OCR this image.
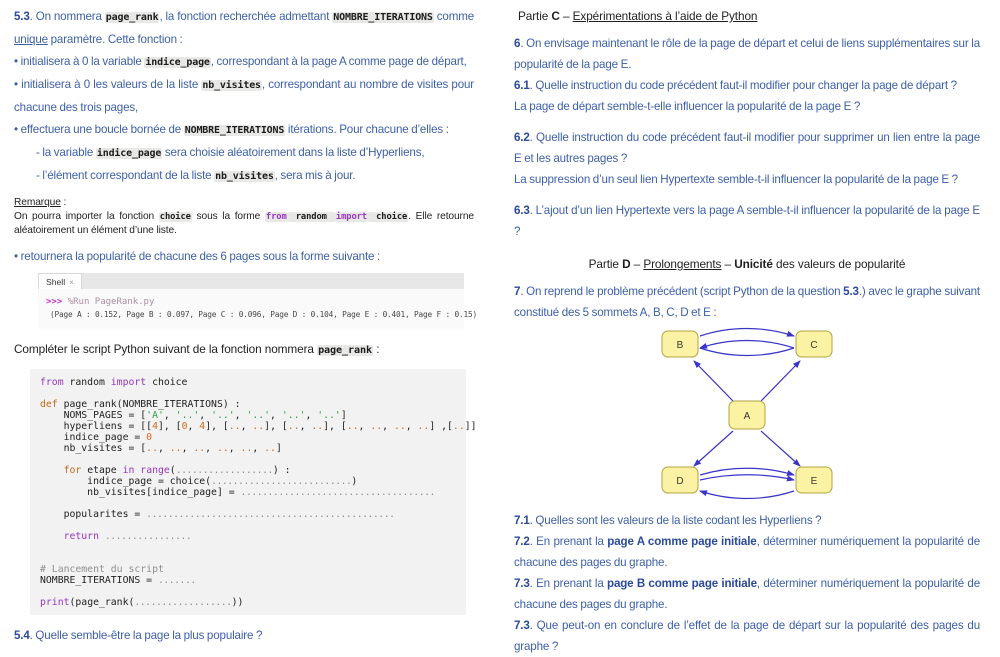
5.3. On nommera page_rank, la fonction recherchée admettant NOMBRE_ITERATIONS comme unique paramètre. Cette fonction :

• initialisera à 0 la variable indice_page, correspondant à la page A comme page de départ,

• initialisera à 0 les valeurs de la liste nb_visites, correspondant au nombre de visites pour chacune des trois pages,

• effectuera une boucle bornée de NOMBRE_ITERATIONS itérations. Pour chacune d’elles :

- la variable indice_page sera choisie aléatoirement dans la liste d’Hyperliens,

- l’élément correspondant de la liste nb_visites, sera mis à jour.

Remarque :

On pourra importer la fonction choice sous la forme from random import choice. Elle retourne aléatoirement un élément d’une liste.

• retournera la popularité de chacune des 6 pages sous la forme suivante :

Shell ×
>>> %Run PageRank.py
(Page A : 0.152, Page B : 0.097, Page C : 0.096, Page D : 0.104, Page E : 0.401, Page F : 0.15)

Compléter le script Python suivant de la fonction nommera page_rank :

from random import choice
def page_rank(NOMBRE_ITERATIONS) :
NOMS_PAGES = ['A', '..', '..', '..', '..', '..']
hyperliens = [[4], [0, 4], [.., ..], [.., ..], [.., .., .., ..] ,[..]]
indice_page = 0
nb_visites = [.., .., .., .., .., ..]
for etape in range(..................) :
indice_page = choice(..........................)
nb_visites[indice_page] = ....................................
popularites = ..............................................
return ................
# Lancement du script
NOMBRE_ITERATIONS = .......
print(page_rank(..................))

5.4. Quelle semble-être la page la plus populaire ?

Partie C – Expérimentations à l’aide de Python

6. On envisage maintenant le rôle de la page de départ et celui de liens supplémentaires sur la popularité de la page E.

6.1. Quelle instruction du code précédent faut-il modifier pour changer la page de départ ?

La page de départ semble-t-elle influencer la popularité de la page E ?

6.2. Quelle instruction du code précédent faut-il modifier pour supprimer un lien entre la page E et les autres pages ?

La suppression d’un seul lien Hypertexte semble-t-il influencer la popularité de la page E ?

6.3. L’ajout d’un lien Hypertexte vers la page A semble-t-il influencer la popularité de la page E ?

Partie D – Prolongements – Unicité des valeurs de popularité

7. On reprend le problème précédent (script Python de la question 5.3.) avec le graphe suivant constitué des 5 sommets A, B, C, D et E :

B	C
A
D	E

7.1. Quelles sont les valeurs de la liste codant les Hyperliens ?

7.2. En prenant la page A comme page initiale, déterminer numériquement la popularité de chacune des pages du graphe.

7.3. En prenant la page B comme page initiale, déterminer numériquement la popularité de chacune des pages du graphe.

7.3. Que peut-on en conclure de l’effet de la page de départ sur la popularité des pages du graphe ?
